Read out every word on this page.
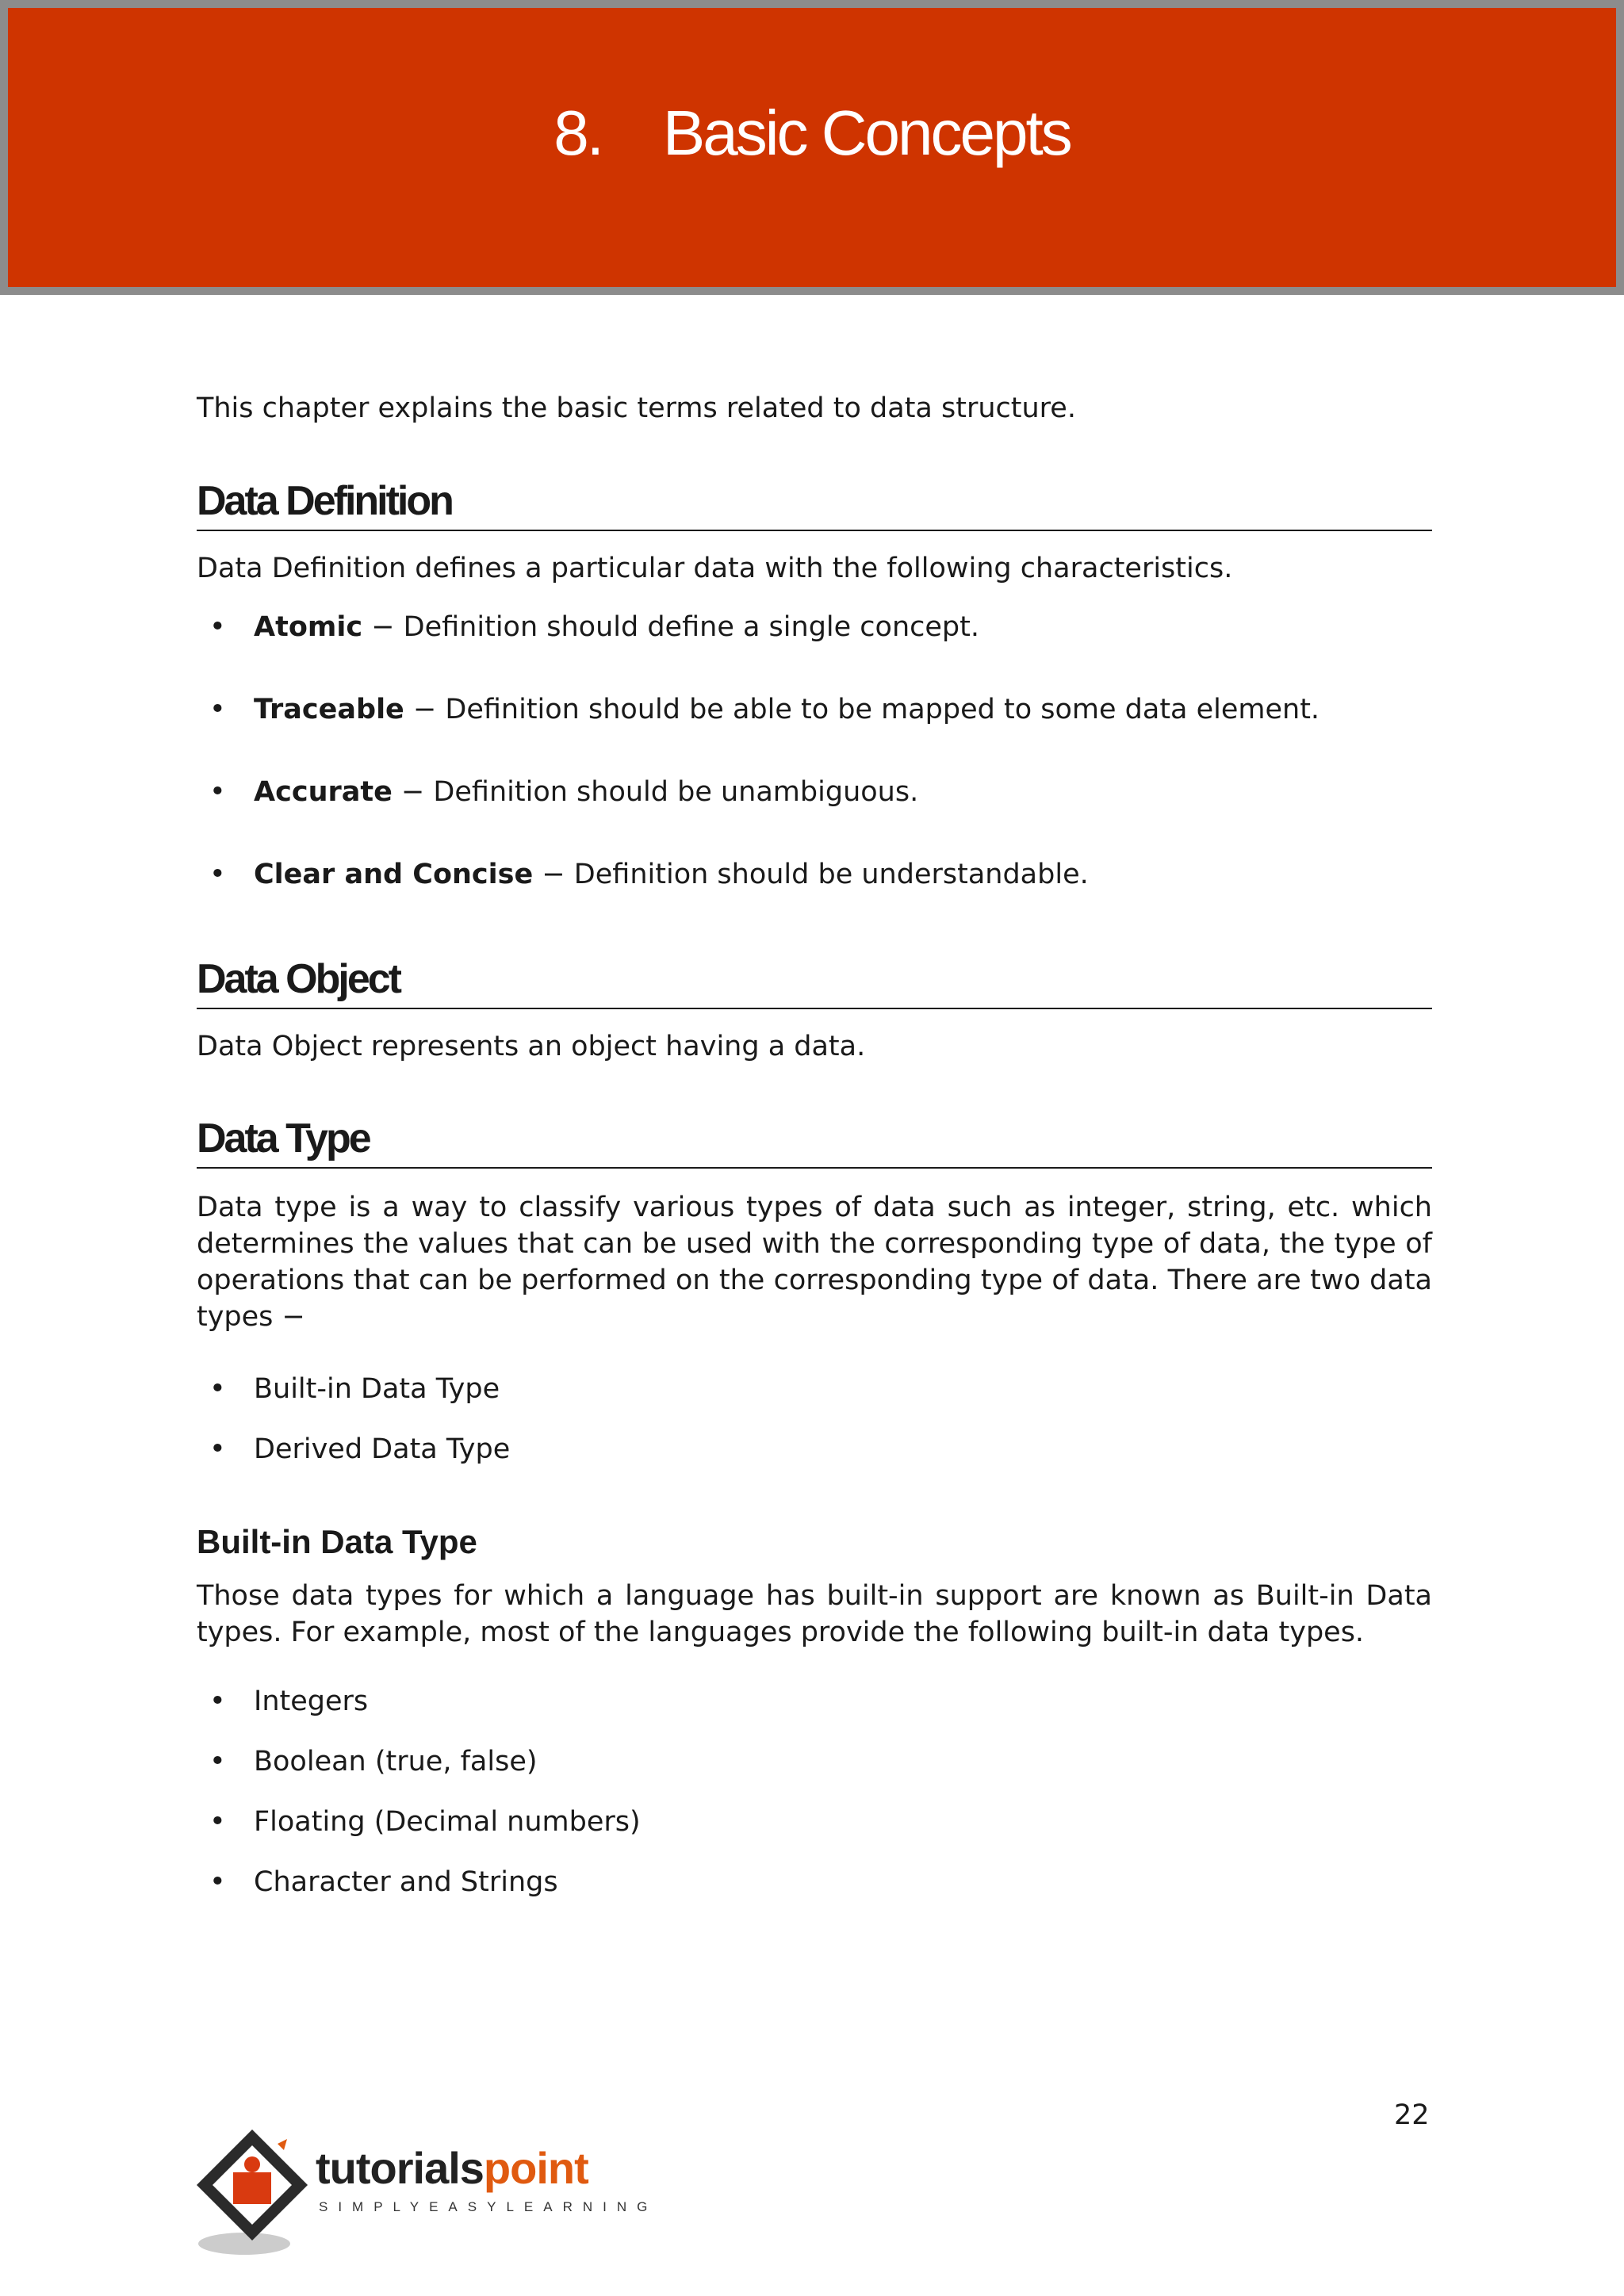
8.    Basic Concepts

This chapter explains the basic terms related to data structure.

Data Definition

Data Definition defines a particular data with the following characteristics.

• Atomic − Definition should define a single concept.
• Traceable − Definition should be able to be mapped to some data element.
• Accurate − Definition should be unambiguous.
• Clear and Concise − Definition should be understandable.
Data Object

Data Object represents an object having a data.

Data Type

Data type is a way to classify various types of data such as integer, string, etc. which determines the values that can be used with the corresponding type of data, the type of operations that can be performed on the corresponding type of data. There are two data types −

• Built-in Data Type
• Derived Data Type
Built-in Data Type

Those data types for which a language has built-in support are known as Built-in Data types. For example, most of the languages provide the following built-in data types.

• Integers
• Boolean (true, false)
• Floating (Decimal numbers)
• Character and Strings
22
tutorialspoint
SIMPLYEASYLEARNING
